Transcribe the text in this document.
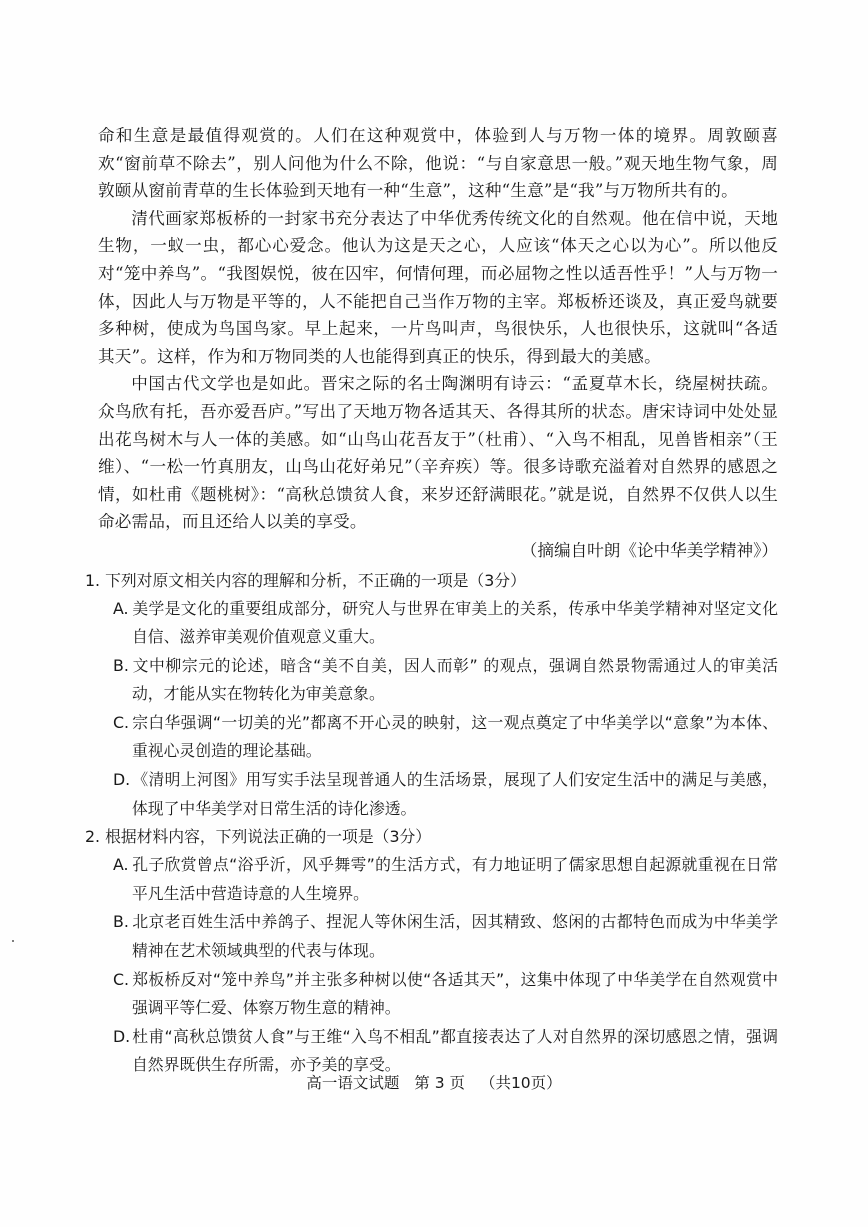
命和生意是最值得观赏的。人们在这种观赏中，体验到人与万物一体的境界。周敦颐喜欢“窗前草不除去”，别人问他为什么不除，他说：“与自家意思一般。”观天地生物气象，周敦颐从窗前青草的生长体验到天地有一种“生意”，这种“生意”是“我”与万物所共有的。

清代画家郑板桥的一封家书充分表达了中华优秀传统文化的自然观。他在信中说，天地生物，一蚁一虫，都心心爱念。他认为这是天之心，人应该“体天之心以为心”。所以他反对“笼中养鸟”。“我图娱悦，彼在囚牢，何情何理，而必屈物之性以适吾性乎！”人与万物一体，因此人与万物是平等的，人不能把自己当作万物的主宰。郑板桥还谈及，真正爱鸟就要多种树，使成为鸟国鸟家。早上起来，一片鸟叫声，鸟很快乐，人也很快乐，这就叫“各适其天”。这样，作为和万物同类的人也能得到真正的快乐，得到最大的美感。

中国古代文学也是如此。晋宋之际的名士陶渊明有诗云：“孟夏草木长，绕屋树扶疏。众鸟欣有托，吾亦爱吾庐。”写出了天地万物各适其天、各得其所的状态。唐宋诗词中处处显出花鸟树木与人一体的美感。如“山鸟山花吾友于”（杜甫）、“入鸟不相乱，见兽皆相亲”（王维）、“一松一竹真朋友，山鸟山花好弟兄”（辛弃疾）等。很多诗歌充溢着对自然界的感恩之情，如杜甫《题桃树》：“高秋总馈贫人食，来岁还舒满眼花。”就是说，自然界不仅供人以生命必需品，而且还给人以美的享受。

（摘编自叶朗《论中华美学精神》）
1. 下列对原文相关内容的理解和分析，不正确的一项是（3分）
A. 美学是文化的重要组成部分，研究人与世界在审美上的关系，传承中华美学精神对坚定文化自信、滋养审美观价值观意义重大。
B. 文中柳宗元的论述，暗含“美不自美，因人而彰” 的观点，强调自然景物需通过人的审美活动，才能从实在物转化为审美意象。
C. 宗白华强调“一切美的光”都离不开心灵的映射，这一观点奠定了中华美学以“意象”为本体、重视心灵创造的理论基础。
D. 《清明上河图》用写实手法呈现普通人的生活场景，展现了人们安定生活中的满足与美感，体现了中华美学对日常生活的诗化渗透。
2. 根据材料内容，下列说法正确的一项是（3分）
A. 孔子欣赏曾点“浴乎沂，风乎舞雩”的生活方式，有力地证明了儒家思想自起源就重视在日常平凡生活中营造诗意的人生境界。
B. 北京老百姓生活中养鸽子、捏泥人等休闲生活，因其精致、悠闲的古都特色而成为中华美学精神在艺术领域典型的代表与体现。
C. 郑板桥反对“笼中养鸟”并主张多种树以使“各适其天”，这集中体现了中华美学在自然观赏中强调平等仁爱、体察万物生意的精神。
D. 杜甫“高秋总馈贫人食”与王维“入鸟不相乱”都直接表达了人对自然界的深切感恩之情，强调自然界既供生存所需，亦予美的享受。
高一语文试题 第 3 页 （共10页）
